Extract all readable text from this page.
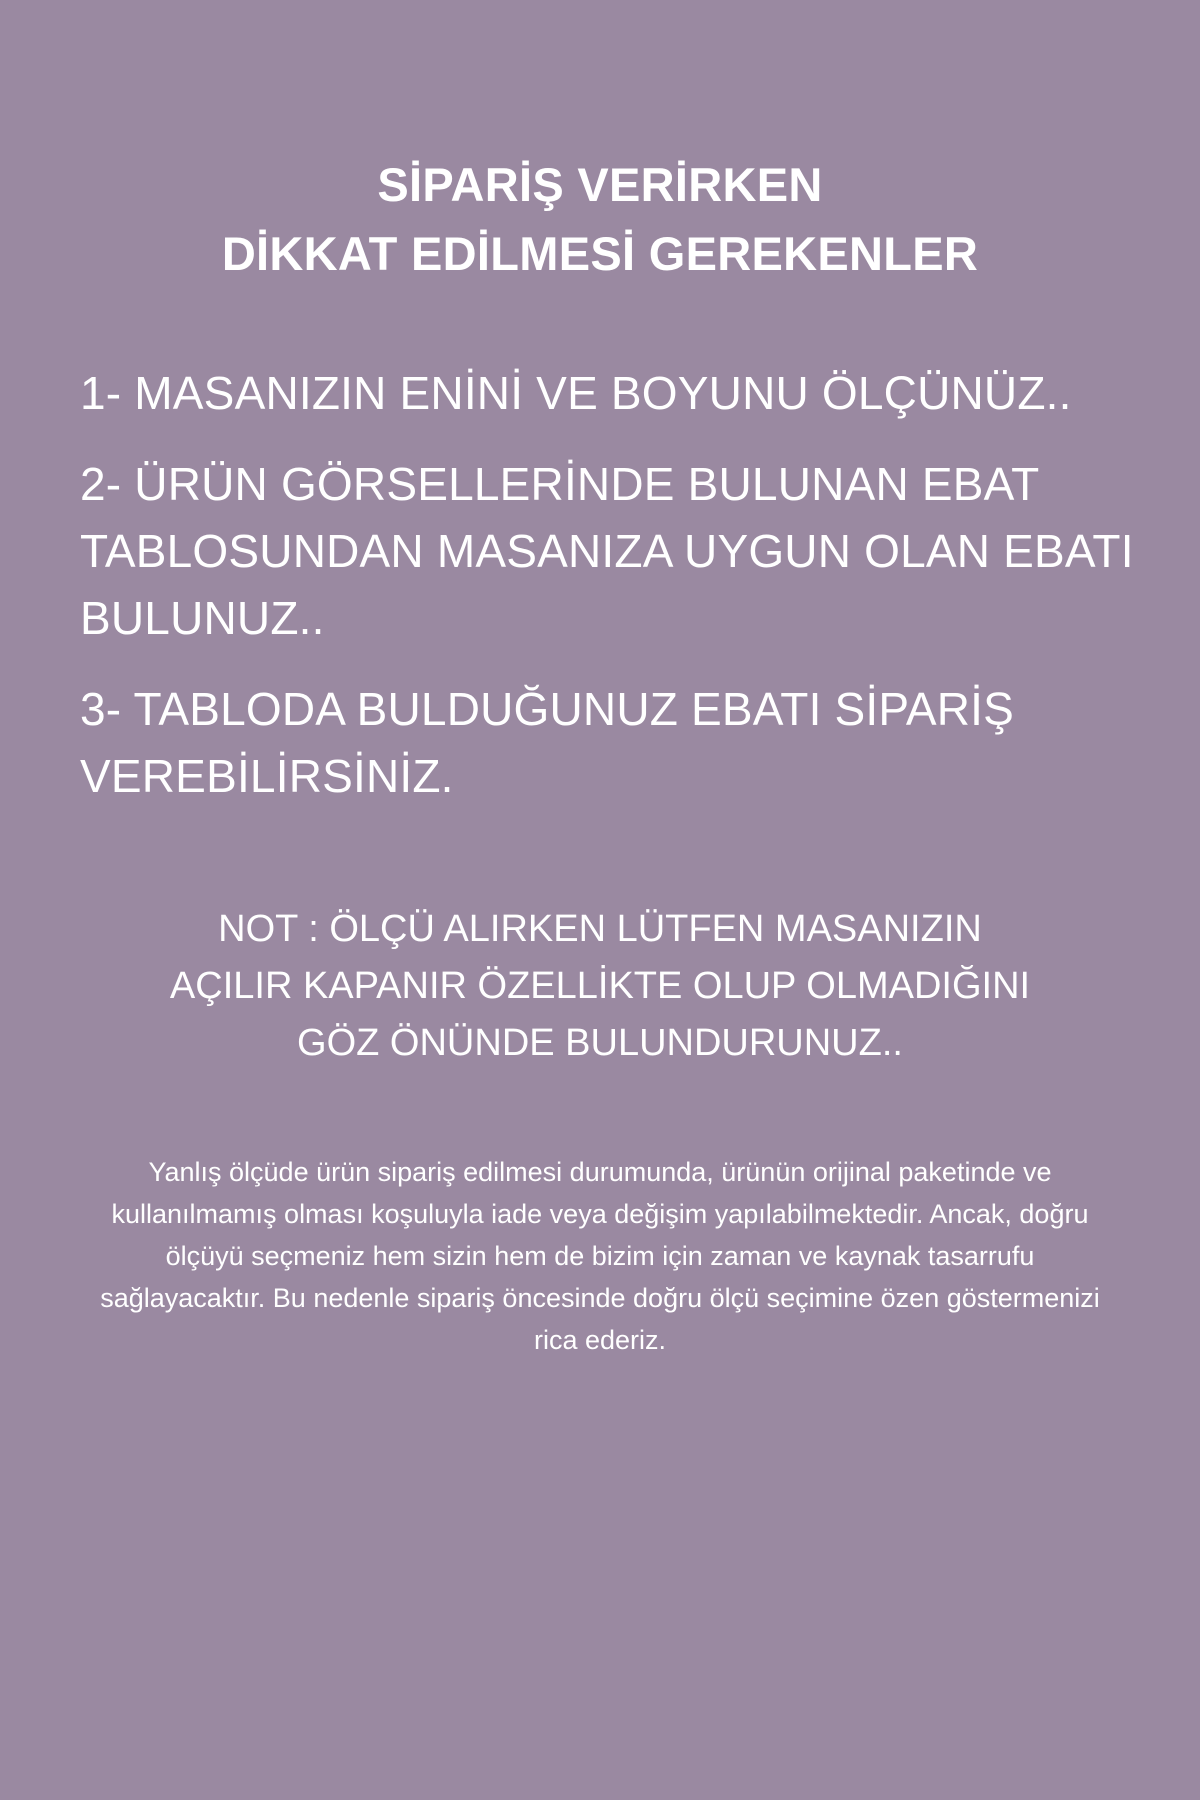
SİPARİŞ VERİRKEN
DİKKAT EDİLMESİ GEREKENLER

1- MASANIZIN ENİNİ VE BOYUNU ÖLÇÜNÜZ..

2- ÜRÜN GÖRSELLERİNDE BULUNAN EBAT TABLOSUNDAN MASANIZA UYGUN OLAN EBATI BULUNUZ..

3- TABLODA BULDUĞUNUZ EBATI SİPARİŞ VEREBİLİRSİNİZ.

NOT : ÖLÇÜ ALIRKEN LÜTFEN MASANIZIN
AÇILIR KAPANIR ÖZELLİKTE OLUP OLMADIĞINI
GÖZ ÖNÜNDE BULUNDURUNUZ..

Yanlış ölçüde ürün sipariş edilmesi durumunda, ürünün orijinal paketinde ve kullanılmamış olması koşuluyla iade veya değişim yapılabilmektedir. Ancak, doğru ölçüyü seçmeniz hem sizin hem de bizim için zaman ve kaynak tasarrufu sağlayacaktır. Bu nedenle sipariş öncesinde doğru ölçü seçimine özen göstermenizi rica ederiz.
